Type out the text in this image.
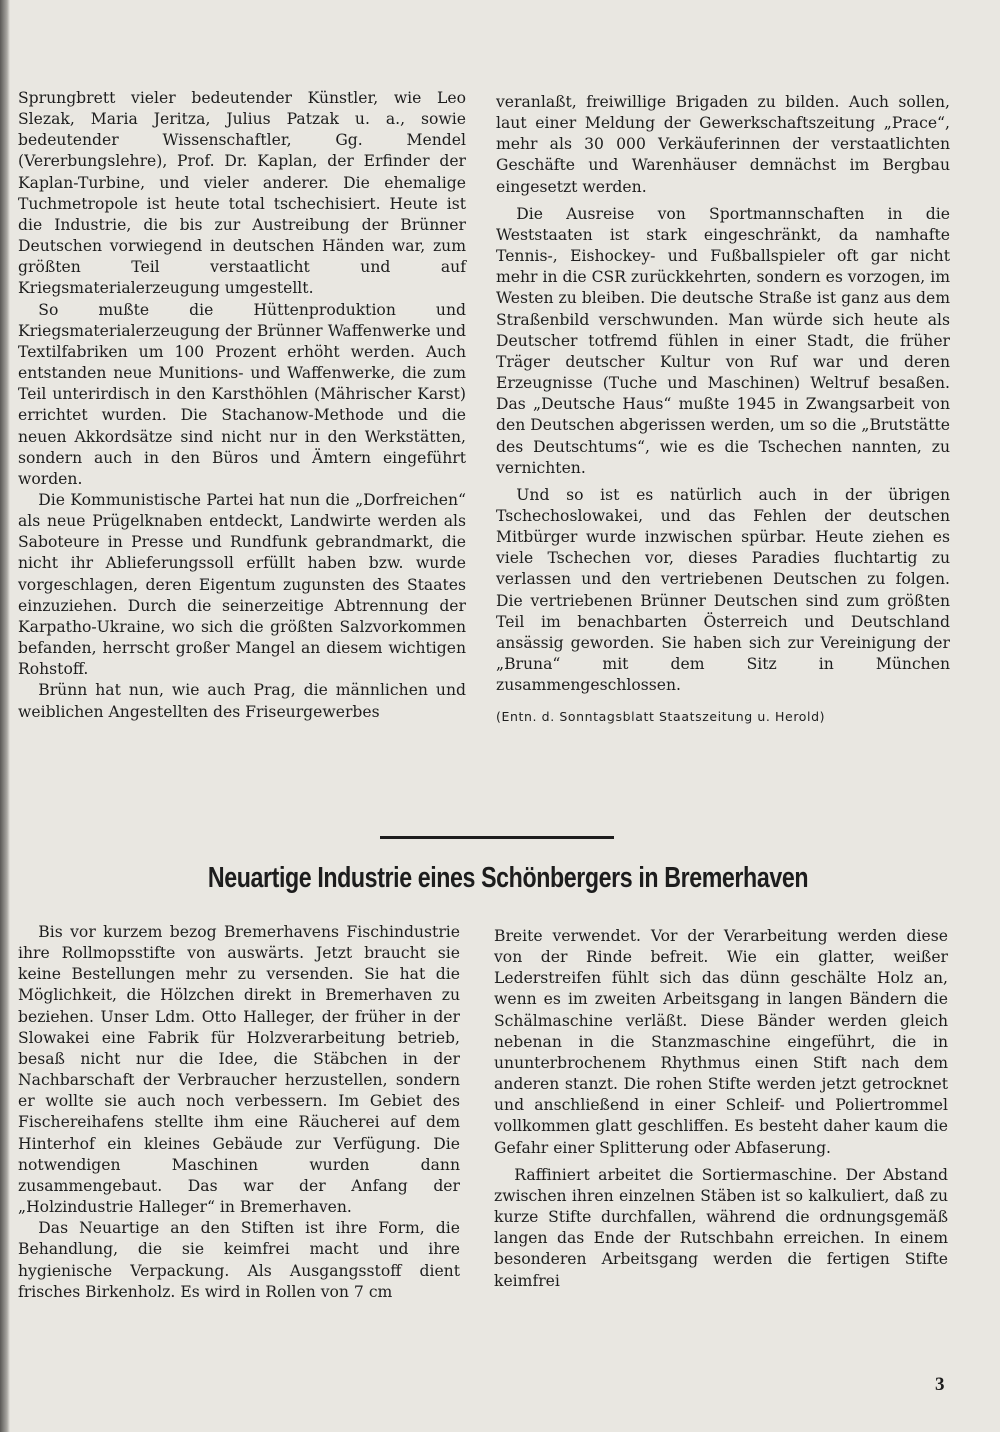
Sprungbrett vieler bedeutender Künstler, wie Leo Slezak, Maria Jeritza, Julius Patzak u. a., sowie bedeutender Wissenschaftler, Gg. Mendel (Vererbungslehre), Prof. Dr. Kaplan, der Erfinder der Kaplan-Turbine, und vieler anderer. Die ehemalige Tuchmetropole ist heute total tschechisiert. Heute ist die Industrie, die bis zur Austreibung der Brünner Deutschen vorwiegend in deutschen Händen war, zum größten Teil verstaatlicht und auf Kriegsmaterialerzeugung umgestellt.

So mußte die Hüttenproduktion und Kriegsmaterialerzeugung der Brünner Waffenwerke und Textilfabriken um 100 Prozent erhöht werden. Auch entstanden neue Munitions- und Waffenwerke, die zum Teil unterirdisch in den Karsthöhlen (Mährischer Karst) errichtet wurden. Die Stachanow-Methode und die neuen Akkordsätze sind nicht nur in den Werkstätten, sondern auch in den Büros und Ämtern eingeführt worden.

Die Kommunistische Partei hat nun die „Dorfreichen“ als neue Prügelknaben entdeckt, Landwirte werden als Saboteure in Presse und Rundfunk gebrandmarkt, die nicht ihr Ablieferungssoll erfüllt haben bzw. wurde vorgeschlagen, deren Eigentum zugunsten des Staates einzuziehen. Durch die seinerzeitige Abtrennung der Karpatho-Ukraine, wo sich die größten Salzvorkommen befanden, herrscht großer Mangel an diesem wichtigen Rohstoff.

Brünn hat nun, wie auch Prag, die männlichen und weiblichen Angestellten des Friseurgewerbes

veranlaßt, freiwillige Brigaden zu bilden. Auch sollen, laut einer Meldung der Gewerkschaftszeitung „Prace“, mehr als 30 000 Verkäuferinnen der verstaatlichten Geschäfte und Warenhäuser demnächst im Bergbau eingesetzt werden.

Die Ausreise von Sportmannschaften in die Weststaaten ist stark eingeschränkt, da namhafte Tennis-, Eishockey- und Fußballspieler oft gar nicht mehr in die CSR zurückkehrten, sondern es vorzogen, im Westen zu bleiben. Die deutsche Straße ist ganz aus dem Straßenbild verschwunden. Man würde sich heute als Deutscher totfremd fühlen in einer Stadt, die früher Träger deutscher Kultur von Ruf war und deren Erzeugnisse (Tuche und Maschinen) Weltruf besaßen. Das „Deutsche Haus“ mußte 1945 in Zwangsarbeit von den Deutschen abgerissen werden, um so die „Brutstätte des Deutschtums“, wie es die Tschechen nannten, zu vernichten.

Und so ist es natürlich auch in der übrigen Tschechoslowakei, und das Fehlen der deutschen Mitbürger wurde inzwischen spürbar. Heute ziehen es viele Tschechen vor, dieses Paradies fluchtartig zu verlassen und den vertriebenen Deutschen zu folgen. Die vertriebenen Brünner Deutschen sind zum größten Teil im benachbarten Österreich und Deutschland ansässig geworden. Sie haben sich zur Vereinigung der „Bruna“ mit dem Sitz in München zusammengeschlossen.

(Entn. d. Sonntagsblatt Staatszeitung u. Herold)
Neuartige Industrie eines Schönbergers in Bremerhaven

Bis vor kurzem bezog Bremerhavens Fischindustrie ihre Rollmopsstifte von auswärts. Jetzt braucht sie keine Bestellungen mehr zu versenden. Sie hat die Möglichkeit, die Hölzchen direkt in Bremerhaven zu beziehen. Unser Ldm. Otto Halleger, der früher in der Slowakei eine Fabrik für Holzverarbeitung betrieb, besaß nicht nur die Idee, die Stäbchen in der Nachbarschaft der Verbraucher herzustellen, sondern er wollte sie auch noch verbessern. Im Gebiet des Fischereihafens stellte ihm eine Räucherei auf dem Hinterhof ein kleines Gebäude zur Verfügung. Die notwendigen Maschinen wurden dann zusammengebaut. Das war der Anfang der „Holzindustrie Halleger“ in Bremerhaven.

Das Neuartige an den Stiften ist ihre Form, die Behandlung, die sie keimfrei macht und ihre hygienische Verpackung. Als Ausgangsstoff dient frisches Birkenholz. Es wird in Rollen von 7 cm

Breite verwendet. Vor der Verarbeitung werden diese von der Rinde befreit. Wie ein glatter, weißer Lederstreifen fühlt sich das dünn geschälte Holz an, wenn es im zweiten Arbeitsgang in langen Bändern die Schälmaschine verläßt. Diese Bänder werden gleich nebenan in die Stanzmaschine eingeführt, die in ununterbrochenem Rhythmus einen Stift nach dem anderen stanzt. Die rohen Stifte werden jetzt getrocknet und anschließend in einer Schleif- und Poliertrommel vollkommen glatt geschliffen. Es besteht daher kaum die Gefahr einer Splitterung oder Abfaserung.

Raffiniert arbeitet die Sortiermaschine. Der Abstand zwischen ihren einzelnen Stäben ist so kalkuliert, daß zu kurze Stifte durchfallen, während die ordnungsgemäß langen das Ende der Rutschbahn erreichen. In einem besonderen Arbeitsgang werden die fertigen Stifte keimfrei

3
